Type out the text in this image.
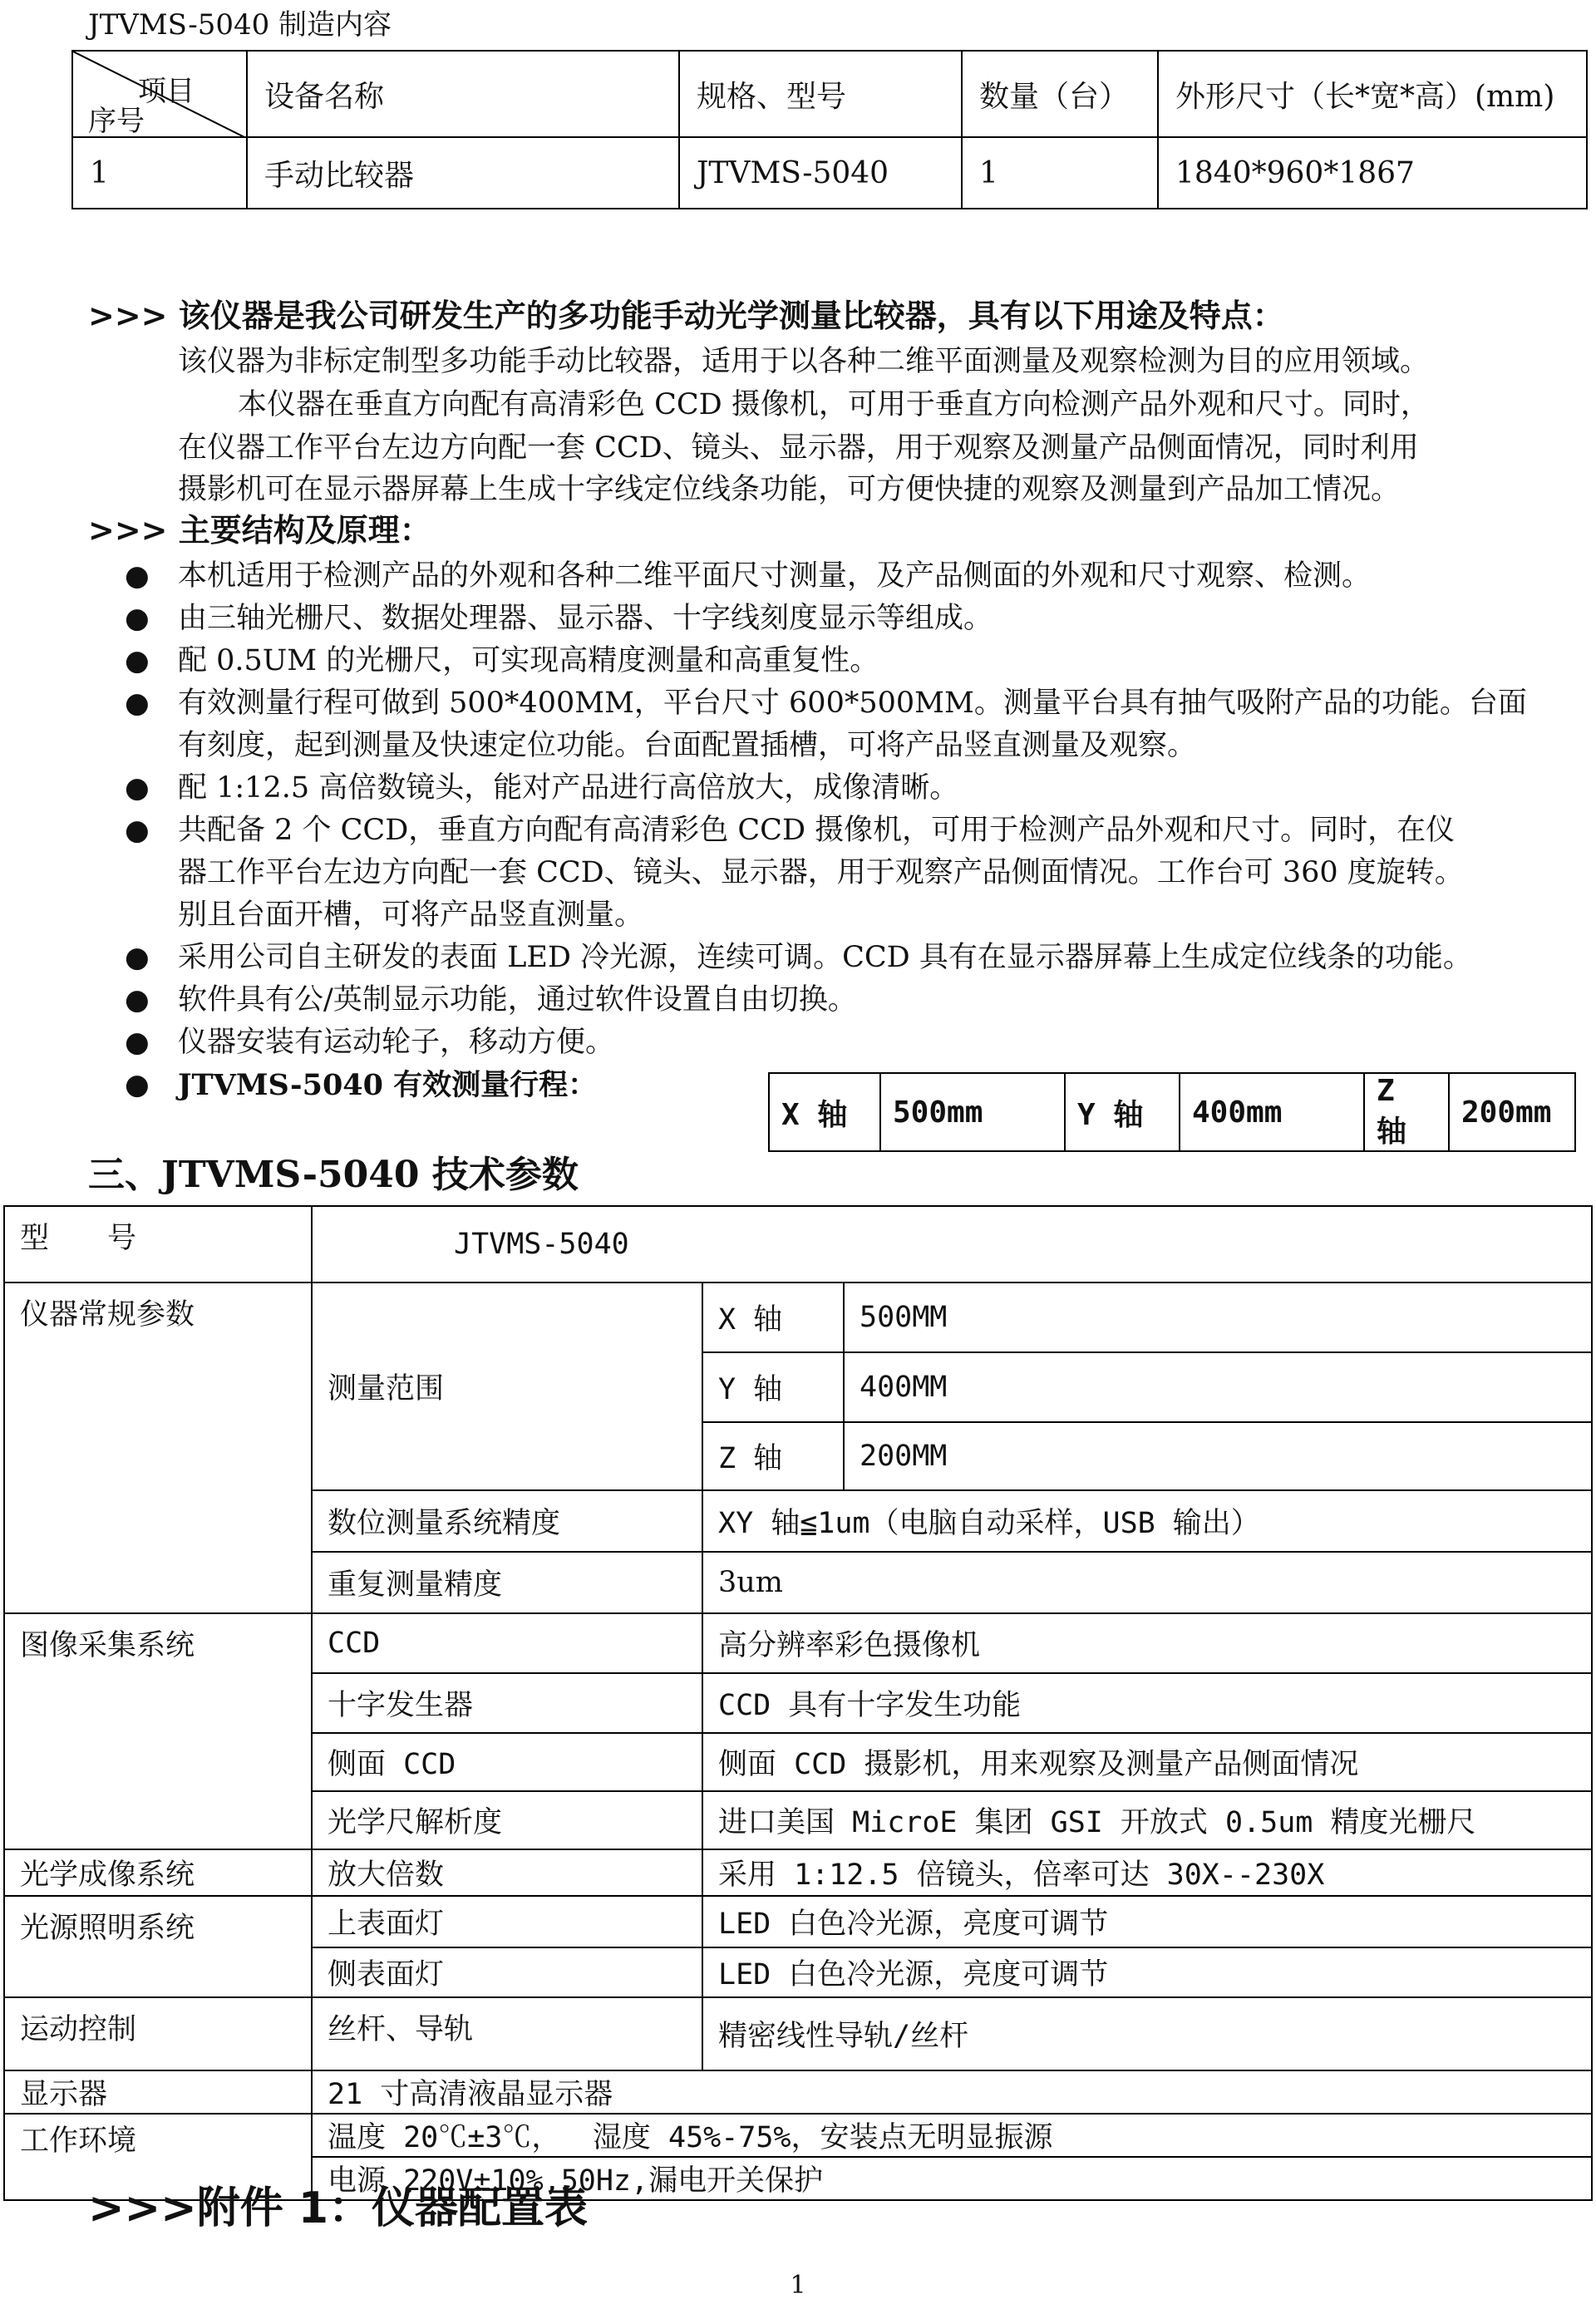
JTVMS-5040 制造内容
项目
序号	设备名称	规格、型号	数量（台）	外形尺寸（长*宽*高）(mm)
1	手动比较器	JTVMS-5040	1	1840*960*1867
>>> 该仪器是我公司研发生产的多功能手动光学测量比较器，具有以下用途及特点：
该仪器为非标定制型多功能手动比较器，适用于以各种二维平面测量及观察检测为目的应用领域。
本仪器在垂直方向配有高清彩色 CCD 摄像机，可用于垂直方向检测产品外观和尺寸。同时，
在仪器工作平台左边方向配一套 CCD、镜头、显示器，用于观察及测量产品侧面情况，同时利用
摄影机可在显示器屏幕上生成十字线定位线条功能，可方便快捷的观察及测量到产品加工情况。
>>> 主要结构及原理：
● 本机适用于检测产品的外观和各种二维平面尺寸测量，及产品侧面的外观和尺寸观察、检测。
● 由三轴光栅尺、数据处理器、显示器、十字线刻度显示等组成。
● 配 0.5UM 的光栅尺，可实现高精度测量和高重复性。
● 有效测量行程可做到 500*400MM，平台尺寸 600*500MM。测量平台具有抽气吸附产品的功能。台面
有刻度，起到测量及快速定位功能。台面配置插槽，可将产品竖直测量及观察。
● 配 1:12.5 高倍数镜头，能对产品进行高倍放大，成像清晰。
● 共配备 2 个 CCD，垂直方向配有高清彩色 CCD 摄像机，可用于检测产品外观和尺寸。同时，在仪
器工作平台左边方向配一套 CCD、镜头、显示器，用于观察产品侧面情况。工作台可 360 度旋转。
别且台面开槽，可将产品竖直测量。
● 采用公司自主研发的表面 LED 冷光源，连续可调。CCD 具有在显示器屏幕上生成定位线条的功能。
● 软件具有公/英制显示功能，通过软件设置自由切换。
● 仪器安装有运动轮子，移动方便。
● JTVMS-5040 有效测量行程：
X 轴	500mm	Y 轴	400mm	Z 轴	200mm
三、JTVMS-5040 技术参数
型　　号	JTVMS-5040		
仪器常规参数	测量范围	X 轴	500MM
		Y 轴	400MM
		Z 轴	200MM
	数位测量系统精度	XY 轴≦1um（电脑自动采样，USB 输出）	
	重复测量精度	3um	
图像采集系统	CCD	高分辨率彩色摄像机	
	十字发生器	CCD 具有十字发生功能	
	侧面 CCD	侧面 CCD 摄影机，用来观察及测量产品侧面情况	
	光学尺解析度	进口美国 MicroE 集团 GSI 开放式 0.5um 精度光栅尺	
光学成像系统	放大倍数	采用 1:12.5 倍镜头，倍率可达 30X--230X	
光源照明系统	上表面灯	LED 白色冷光源，亮度可调节	
	侧表面灯	LED 白色冷光源，亮度可调节	
运动控制	丝杆、导轨	精密线性导轨/丝杆	
显示器	21 寸高清液晶显示器		
工作环境	温度 20℃±3℃，　 湿度 45%-75%，安装点无明显振源		
	电源 220V±10%,50Hz,漏电开关保护		
>>>附件 1：仪器配置表
1
